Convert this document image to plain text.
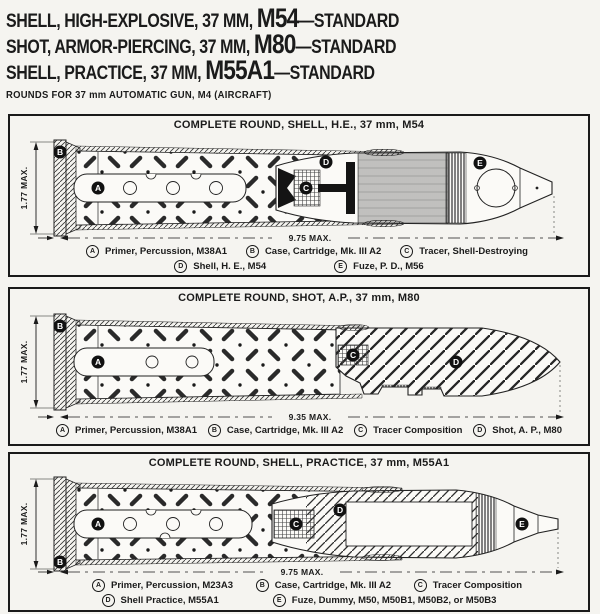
SHELL, HIGH-EXPLOSIVE, 37 MM, M54—STANDARD
SHOT, ARMOR-PIERCING, 37 MM, M80—STANDARD
SHELL, PRACTICE, 37 MM, M55A1—STANDARD
ROUNDS FOR 37 mm AUTOMATIC GUN, M4 (AIRCRAFT)
COMPLETE ROUND, SHELL, H.E., 37 mm, M54
1.77 MAX.	A
B
C
D	E
9.75 MAX.
A	Primer, Percussion, M38A1	B	Case, Cartridge, Mk. III A2	C	Tracer, Shell-Destroying
D	Shell, H. E., M54	E	Fuze, P. D., M56
COMPLETE ROUND, SHOT, A.P., 37 mm, M80
1.77 MAX.	A
B
C
D
9.35 MAX.
A	Primer, Percussion, M38A1	B	Case, Cartridge, Mk. III A2	C	Tracer Composition	D	Shot, A. P., M80
COMPLETE ROUND, SHELL, PRACTICE, 37 mm, M55A1
1.77 MAX.	A
B
C
D
E
9.75 MAX.
A	Primer, Percussion, M23A3	B	Case, Cartridge, Mk. III A2	C	Tracer Composition
D	Shell Practice, M55A1	E	Fuze, Dummy, M50, M50B1, M50B2, or M50B3
